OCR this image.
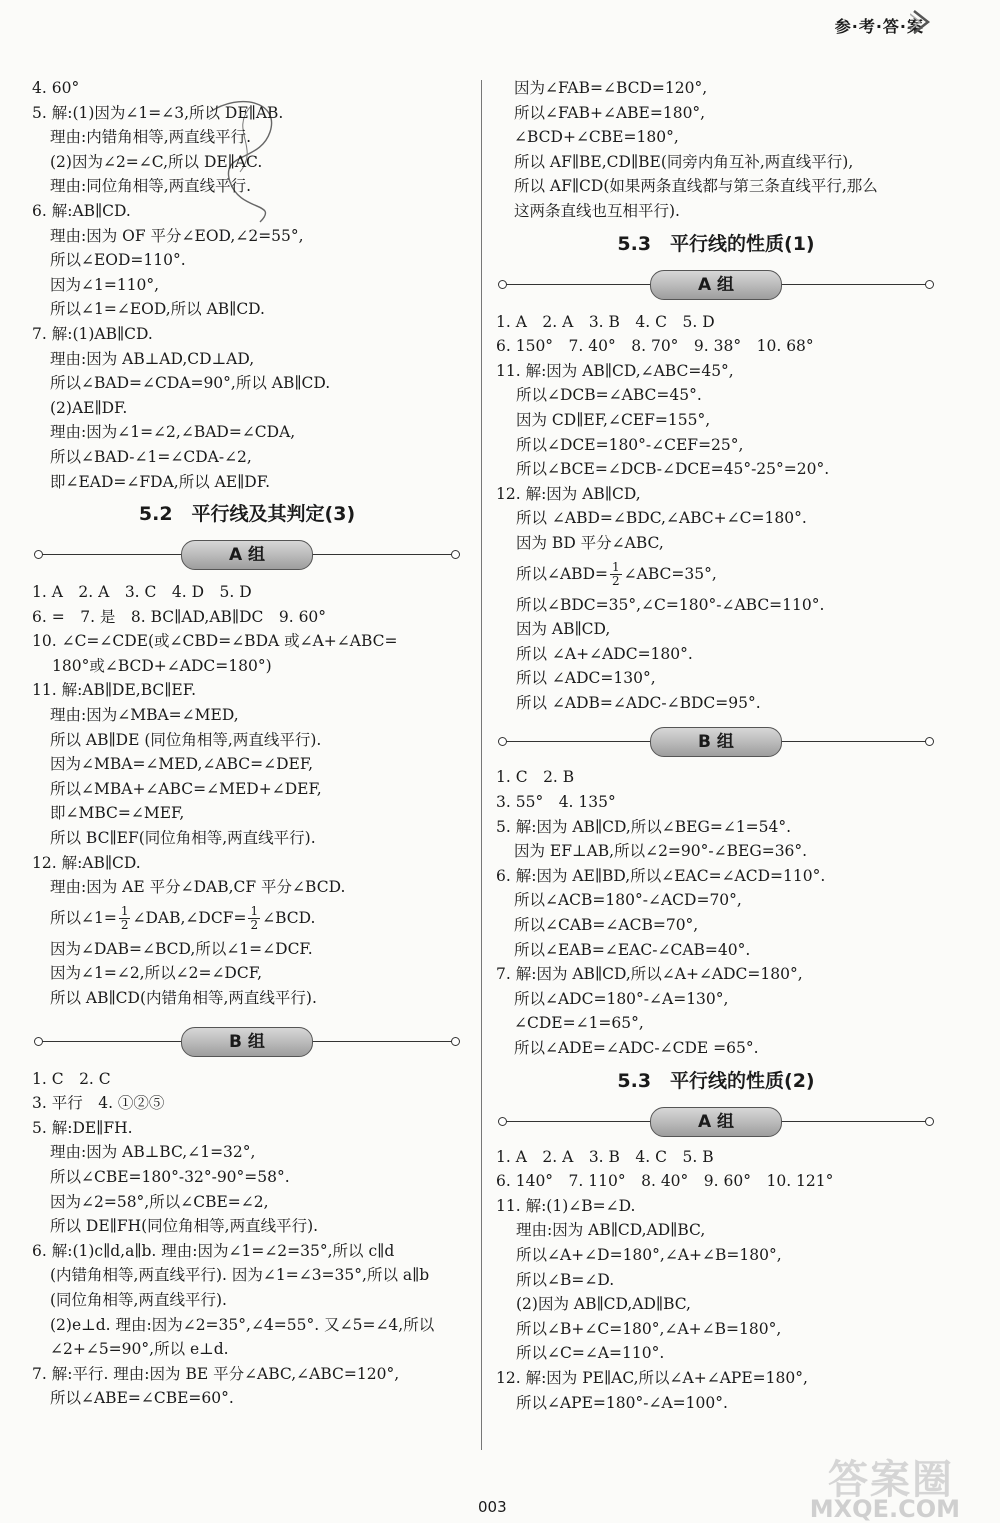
参·考·答·案
4. 60°
5. 解:(1)因为∠1=∠3,所以 DE∥AB.
理由:内错角相等,两直线平行.
(2)因为∠2=∠C,所以 DE∥AC.
理由:同位角相等,两直线平行.
6. 解:AB∥CD.
理由:因为 OF 平分∠EOD,∠2=55°,
所以∠EOD=110°.
因为∠1=110°,
所以∠1=∠EOD,所以 AB∥CD.
7. 解:(1)AB∥CD.
理由:因为 AB⊥AD,CD⊥AD,
所以∠BAD=∠CDA=90°,所以 AB∥CD.
(2)AE∥DF.
理由:因为∠1=∠2,∠BAD=∠CDA,
所以∠BAD-∠1=∠CDA-∠2,
即∠EAD=∠FDA,所以 AE∥DF.
5.2　平行线及其判定(3)
A 组
1. A　2. A　3. C　4. D　5. D
6. =　7. 是　8. BC∥AD,AB∥DC　9. 60°
10. ∠C=∠CDE(或∠CBD=∠BDA 或∠A+∠ABC=
180°或∠BCD+∠ADC=180°)
11. 解:AB∥DE,BC∥EF.
理由:因为∠MBA=∠MED,
所以 AB∥DE (同位角相等,两直线平行).
因为∠MBA=∠MED,∠ABC=∠DEF,
所以∠MBA+∠ABC=∠MED+∠DEF,
即∠MBC=∠MEF,
所以 BC∥EF(同位角相等,两直线平行).
12. 解:AB∥CD.
理由:因为 AE 平分∠DAB,CF 平分∠BCD.
所以∠1= $\frac{1}{2}$ ∠DAB,∠DCF= $\frac{1}{2}$ ∠BCD.
因为∠DAB=∠BCD,所以∠1=∠DCF.
因为∠1=∠2,所以∠2=∠DCF,
所以 AB∥CD(内错角相等,两直线平行).
B 组
1. C　2. C
3. 平行　4. ①②⑤
5. 解:DE∥FH.
理由:因为 AB⊥BC,∠1=32°,
所以∠CBE=180°-32°-90°=58°.
因为∠2=58°,所以∠CBE=∠2,
所以 DE∥FH(同位角相等,两直线平行).
6. 解:(1)c∥d,a∥b. 理由:因为∠1=∠2=35°,所以 c∥d
(内错角相等,两直线平行). 因为∠1=∠3=35°,所以 a∥b
(同位角相等,两直线平行).
(2)e⊥d. 理由:因为∠2=35°,∠4=55°. 又∠5=∠4,所以
∠2+∠5=90°,所以 e⊥d.
7. 解:平行. 理由:因为 BE 平分∠ABC,∠ABC=120°,
所以∠ABE=∠CBE=60°.
因为∠FAB=∠BCD=120°,
所以∠FAB+∠ABE=180°,
∠BCD+∠CBE=180°,
所以 AF∥BE,CD∥BE(同旁内角互补,两直线平行),
所以 AF∥CD(如果两条直线都与第三条直线平行,那么
这两条直线也互相平行).
5.3　平行线的性质(1)
A 组
1. A　2. A　3. B　4. C　5. D
6. 150°　7. 40°　8. 70°　9. 38°　10. 68°
11. 解:因为 AB∥CD,∠ABC=45°,
所以∠DCB=∠ABC=45°.
因为 CD∥EF,∠CEF=155°,
所以∠DCE=180°-∠CEF=25°,
所以∠BCE=∠DCB-∠DCE=45°-25°=20°.
12. 解:因为 AB∥CD,
所以 ∠ABD=∠BDC,∠ABC+∠C=180°.
因为 BD 平分∠ABC,
所以∠ABD= $\frac{1}{2}$ ∠ABC=35°,
所以∠BDC=35°,∠C=180°-∠ABC=110°.
因为 AB∥CD,
所以 ∠A+∠ADC=180°.
所以 ∠ADC=130°,
所以 ∠ADB=∠ADC-∠BDC=95°.
B 组
1. C　2. B
3. 55°　4. 135°
5. 解:因为 AB∥CD,所以∠BEG=∠1=54°.
因为 EF⊥AB,所以∠2=90°-∠BEG=36°.
6. 解:因为 AE∥BD,所以∠EAC=∠ACD=110°.
所以∠ACB=180°-∠ACD=70°,
所以∠CAB=∠ACB=70°,
所以∠EAB=∠EAC-∠CAB=40°.
7. 解:因为 AB∥CD,所以∠A+∠ADC=180°,
所以∠ADC=180°-∠A=130°,
∠CDE=∠1=65°,
所以∠ADE=∠ADC-∠CDE =65°.
5.3　平行线的性质(2)
A 组
1. A　2. A　3. B　4. C　5. B
6. 140°　7. 110°　8. 40°　9. 60°　10. 121°
11. 解:(1)∠B=∠D.
理由:因为 AB∥CD,AD∥BC,
所以∠A+∠D=180°,∠A+∠B=180°,
所以∠B=∠D.
(2)因为 AB∥CD,AD∥BC,
所以∠B+∠C=180°,∠A+∠B=180°,
所以∠C=∠A=110°.
12. 解:因为 PE∥AC,所以∠A+∠APE=180°,
所以∠APE=180°-∠A=100°.
答案圈
MXQE.COM
003
